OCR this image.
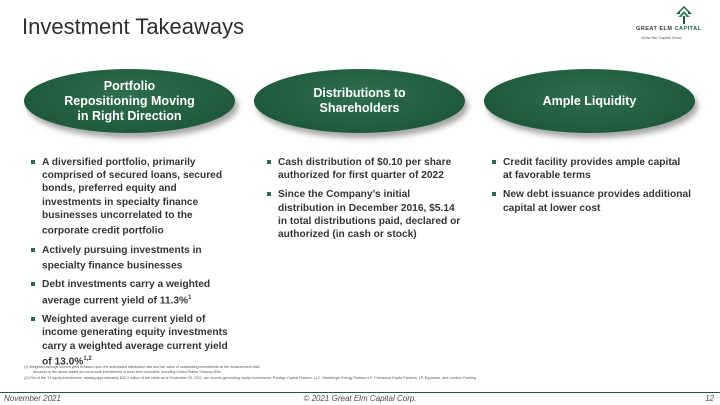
Investment Takeaways	GREAT ELM CAPITAL
Grow the Capital Grow
Portfolio
Repositioning Moving
in Right Direction
Distributions to
Shareholders
Ample Liquidity
A diversified portfolio, primarily comprised of secured loans, secured bonds, preferred equity and investments in specialty finance businesses uncorrelated to the corporate credit portfolio
Actively pursuing investments in specialty finance businesses
Debt investments carry a weighted average current yield of 11.3%$^1$
Weighted average current yield of income generating equity investments carry a weighted average current yield of 13.0%$^{1,2}$
Cash distribution of $0.10 per share authorized for first quarter of 2022
Since the Company’s initial distribution in December 2016, $5.14 in total distributions paid, declared or authorized (in cash or stock)
Credit facility provides ample capital at favorable terms
New debt issuance provides additional capital at lower cost
(1) Weighted average current yield is based upon the anticipated distribution rate and fair value of outstanding investments at the measurement date.
Amounts in the above tables do not include investments in short-term securities, including United States Treasury Bills.
(2) Five of the 13 equity investments, totaling approximately $35.3 million of fair value as of September 30, 2021, are income-generating equity investments: Prestige Capital Finance, LLC, Blackbright Energy Partners LP, Crestwood Equity Partners, LP, Equitrans, and Lenders Funding
November 2021	© 2021 Great Elm Capital Corp.	12
